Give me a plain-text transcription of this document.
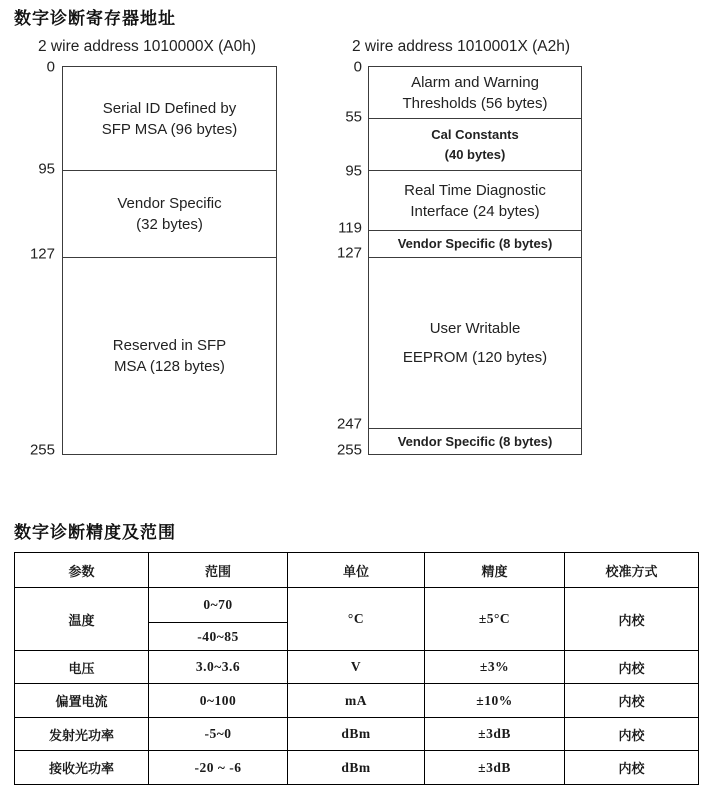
数字诊断寄存器地址
2 wire address 1010000X (A0h)
Serial ID Defined by
SFP MSA (96 bytes)
Vendor Specific
(32 bytes)
Reserved in SFP
MSA (128 bytes)
0
95
127
255
2 wire address 1010001X (A2h)
Alarm and Warning
Thresholds (56 bytes)
Cal Constants
(40 bytes)
Real Time Diagnostic
Interface (24 bytes)
Vendor Specific (8 bytes)
User Writable
EEPROM (120 bytes)
Vendor Specific (8 bytes)
0
55
95
119
127
247
255
数字诊断精度及范围
参数	范围	单位	精度	校准方式
温度	0~70	°C	±5°C	内校
	-40~85			
电压	3.0~3.6	V	±3%	内校
偏置电流	0~100	mA	±10%	内校
发射光功率	-5~0	dBm	±3dB	内校
接收光功率	-20 ~ -6	dBm	±3dB	内校
